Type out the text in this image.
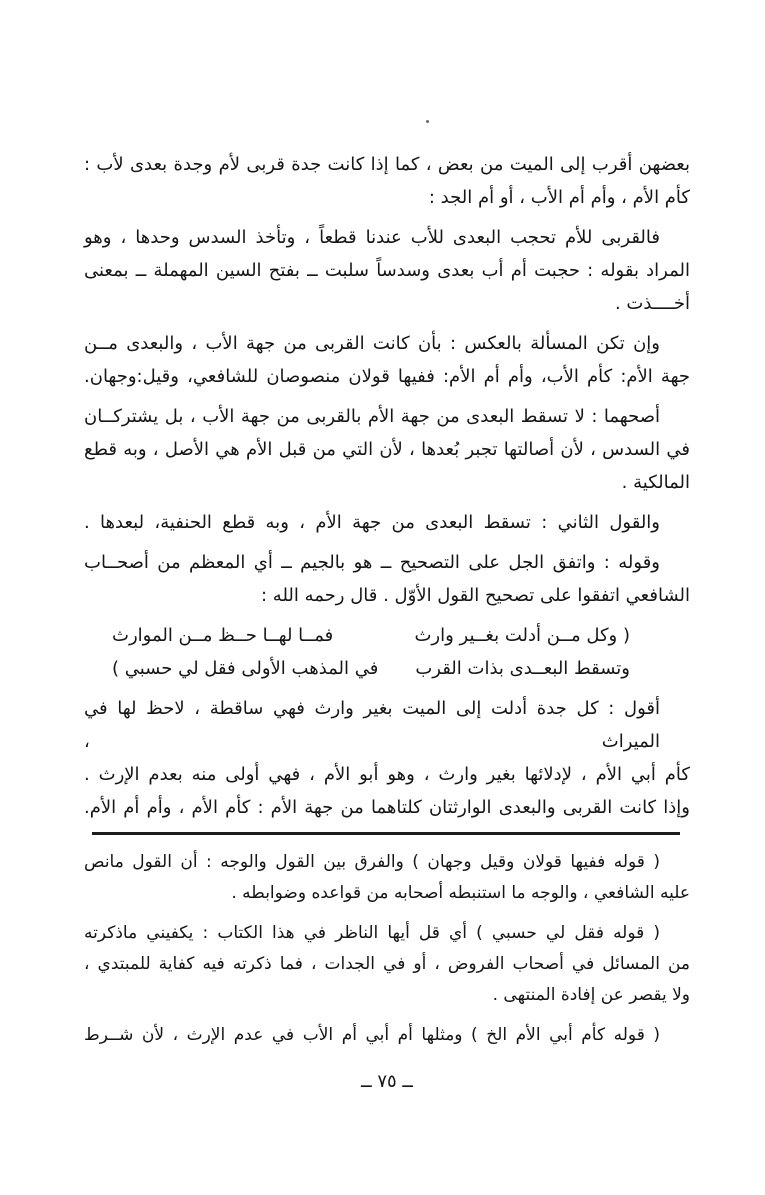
بعضهن أقرب إلى الميت من بعض ، كما إذا كانت جدة قربى لأم وجدة بعدى لأب :
كأم الأم ، وأم أم الأب ، أو أم الجد :
فالقربى للأم تحجب البعدى للأب عندنا قطعاً ، وتأخذ السدس وحدها ، وهو
المراد بقوله : حجبت أم أب بعدى وسدساً سلبت ــ بفتح السين المهملة ــ بمعنى
أخــــذت .
وإن تكن المسألة بالعكس : بأن كانت القربى من جهة الأب ، والبعدى مــن
جهة الأم: كأم الأب، وأم أم الأم: ففيها قولان منصوصان للشافعي، وقيل:وجهان.
أصحهما : لا تسقط البعدى من جهة الأم بالقربى من جهة الأب ، بل يشتركــان
في السدس ، لأن أصالتها تجبر بُعدها ، لأن التي من قبل الأم هي الأصل ، وبه قطع
المالكية .
والقول الثاني : تسقط البعدى من جهة الأم ، وبه قطع الحنفية، لبعدها .
وقوله : واتفق الجل على التصحيح ــ هو بالجيم ــ أي المعظم من أصحــاب
الشافعي اتفقوا على تصحيح القول الأوّل . قال رحمه الله :
( وكل مــن أدلت بغــير وارث
فمــا لهــا حــظ مــن الموارث
وتسقط البعــدى بذات القرب
في المذهب الأولى فقل لي حسبي )
أقول : كل جدة أدلت إلى الميت بغير وارث فهي ساقطة ، لاحظ لها في الميراث ،
كأم أبي الأم ، لإدلائها بغير وارث ، وهو أبو الأم ، فهي أولى منه بعدم الإرث .
وإذا كانت القربى والبعدى الوارثتان كلتاهما من جهة الأم : كأم الأم ، وأم أم الأم.
( قوله ففيها قولان وقيل وجهان ) والفرق بين القول والوجه : أن القول مانص
عليه الشافعي ، والوجه ما استنبطه أصحابه من قواعده وضوابطه .
( قوله فقل لي حسبي ) أي قل أيها الناظر في هذا الكتاب : يكفيني ماذكرته
من المسائل في أصحاب الفروض ، أو في الجدات ، فما ذكرته فيه كفاية للمبتدي ،
ولا يقصر عن إفادة المنتهى .
( قوله كأم أبي الأم الخ ) ومثلها أم أبي أم الأب في عدم الإرث ، لأن شــرط
ــ ٧٥ ــ
